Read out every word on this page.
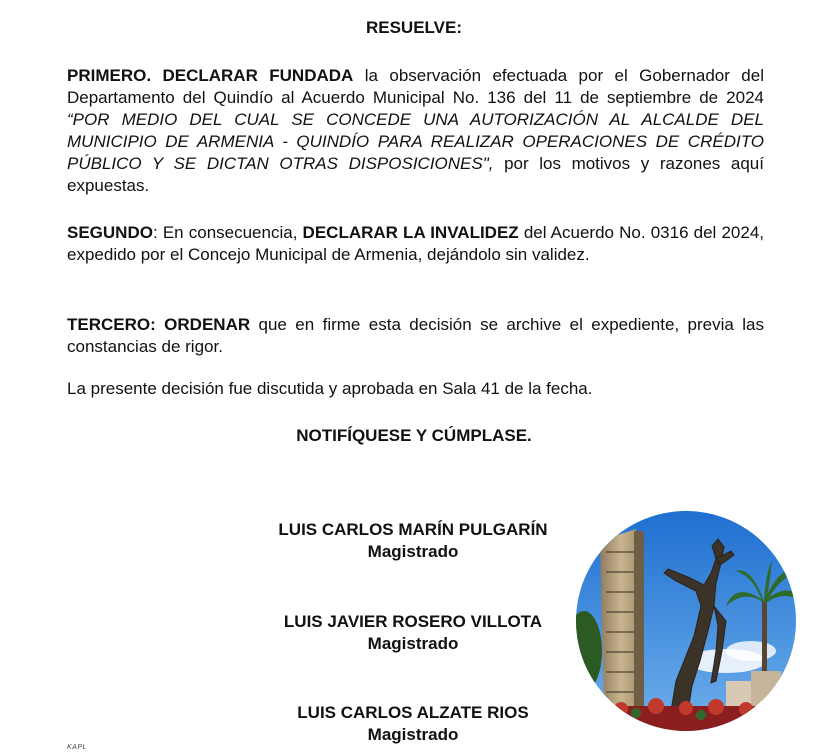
RESUELVE:

PRIMERO. DECLARAR FUNDADA la observación efectuada por el Gobernador del Departamento del Quindío al Acuerdo Municipal No. 136 del 11 de septiembre de 2024 “POR MEDIO DEL CUAL SE CONCEDE UNA AUTORIZACIÓN AL ALCALDE DEL MUNICIPIO DE ARMENIA - QUINDÍO PARA REALIZAR OPERACIONES DE CRÉDITO PÚBLICO Y SE DICTAN OTRAS DISPOSICIONES", por los motivos y razones aquí expuestas.

SEGUNDO: En consecuencia, DECLARAR LA INVALIDEZ del Acuerdo No. 0316 del 2024, expedido por el Concejo Municipal de Armenia, dejándolo sin validez.

TERCERO: ORDENAR que en firme esta decisión se archive el expediente, previa las constancias de rigor.

La presente decisión fue discutida y aprobada en Sala 41 de la fecha.

NOTIFÍQUESE Y CÚMPLASE.
LUIS CARLOS MARÍN PULGARÍN
Magistrado
LUIS JAVIER ROSERO VILLOTA
Magistrado
LUIS CARLOS ALZATE RIOS
Magistrado
KAPL
